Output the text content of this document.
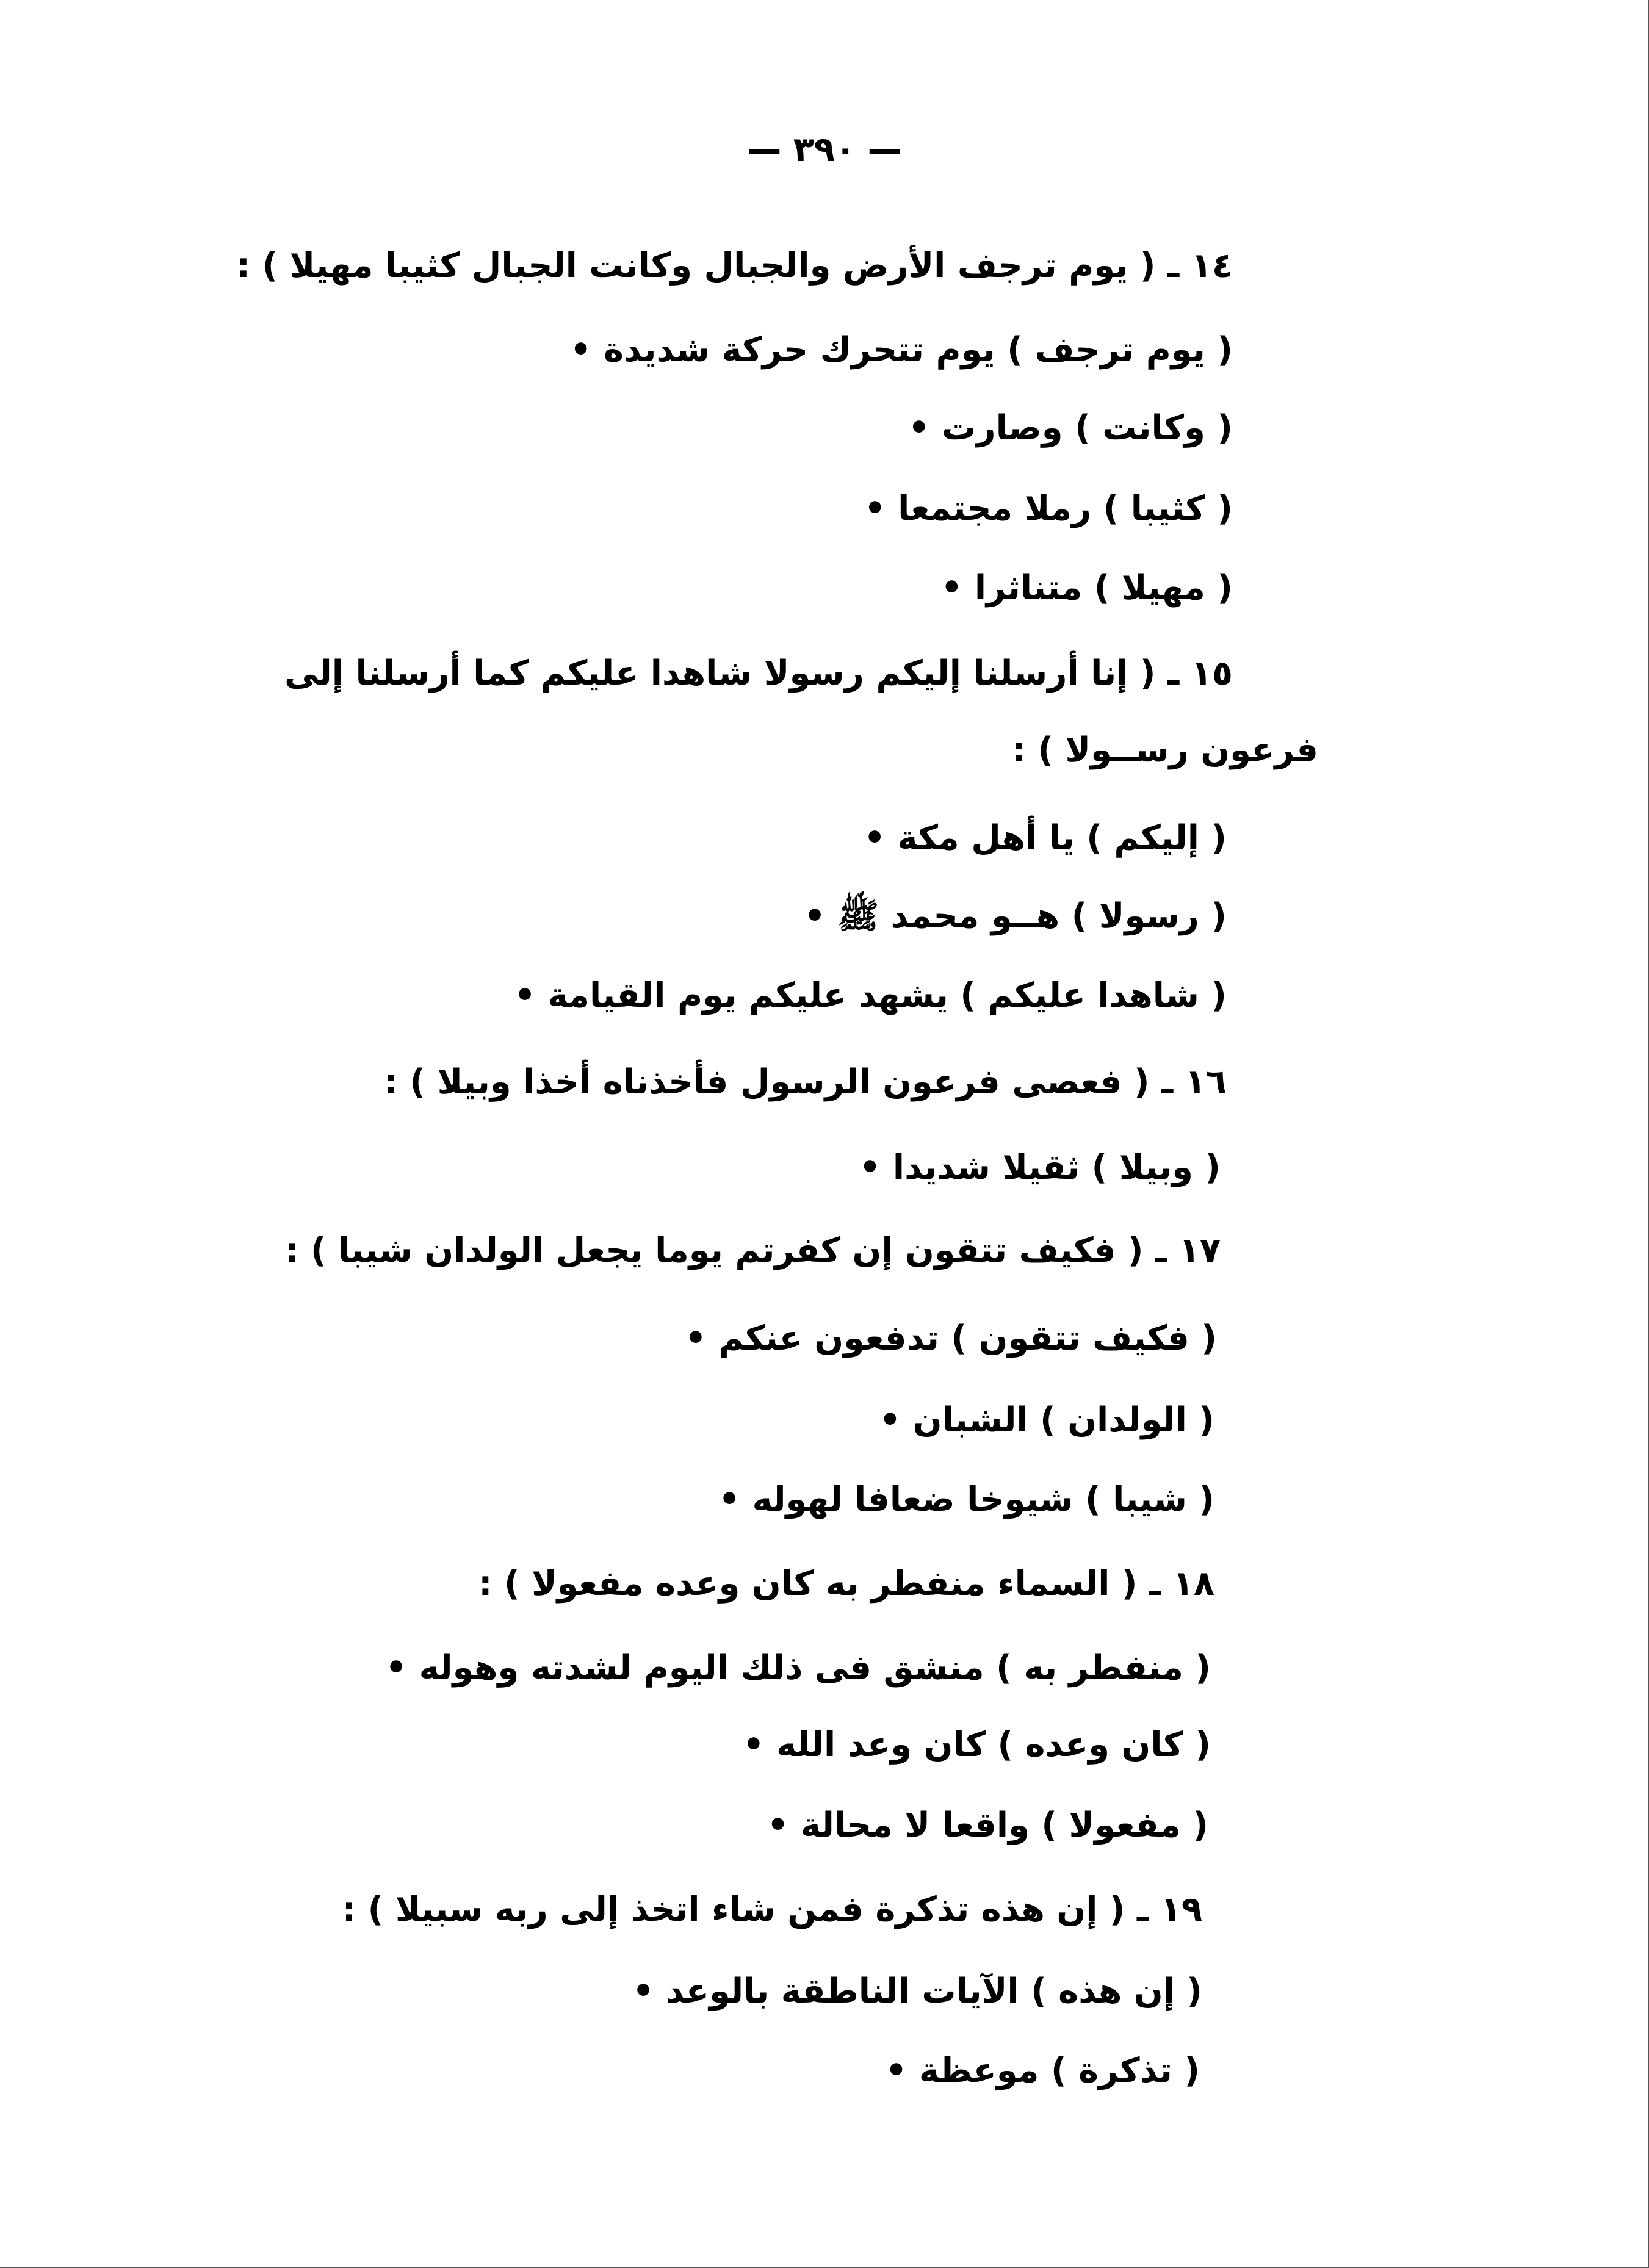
— ٣٩٠ —
١٤ ـ ( يوم ترجف الأرض والجبال وكانت الجبال كثيبا مهيلا ) :
( يوم ترجف ) يوم تتحرك حركة شديدة •
( وكانت ) وصارت •
( كثيبا ) رملا مجتمعا •
( مهيلا ) متناثرا •
١٥ ـ ( إنا أرسلنا إليكم رسولا شاهدا عليكم كما أرسلنا إلى
فرعون رســولا ) :
( إليكم ) يا أهل مكة •
( رسولا ) هــو محمد ﷺ •
( شاهدا عليكم ) يشهد عليكم يوم القيامة •
١٦ ـ ( فعصى فرعون الرسول فأخذناه أخذا وبيلا ) :
( وبيلا ) ثقيلا شديدا •
١٧ ـ ( فكيف تتقون إن كفرتم يوما يجعل الولدان شيبا ) :
( فكيف تتقون ) تدفعون عنكم •
( الولدان ) الشبان •
( شيبا ) شيوخا ضعافا لهوله •
١٨ ـ ( السماء منفطر به كان وعده مفعولا ) :
( منفطر به ) منشق فى ذلك اليوم لشدته وهوله •
( كان وعده ) كان وعد الله •
( مفعولا ) واقعا لا محالة •
١٩ ـ ( إن هذه تذكرة فمن شاء اتخذ إلى ربه سبيلا ) :
( إن هذه ) الآيات الناطقة بالوعد •
( تذكرة ) موعظة •
